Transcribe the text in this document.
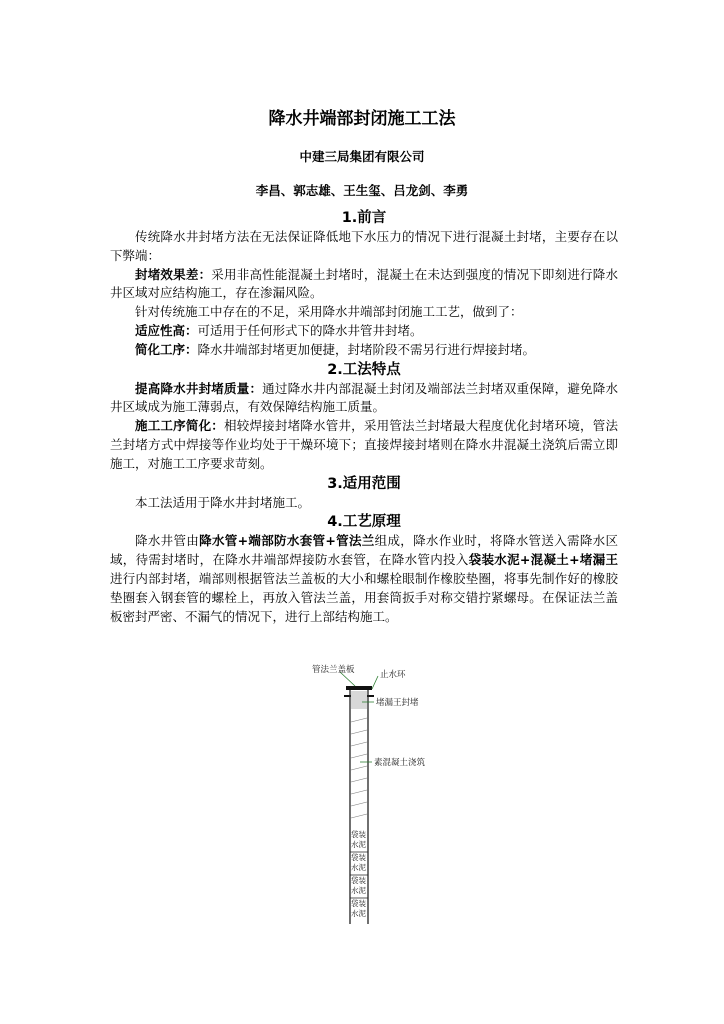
降水井端部封闭施工工法
中建三局集团有限公司
李昌、郭志雄、王生玺、吕龙剑、李勇

1.前言

传统降水井封堵方法在无法保证降低地下水压力的情况下进行混凝土封堵，主要存在以下弊端：

封堵效果差：采用非高性能混凝土封堵时，混凝土在未达到强度的情况下即刻进行降水井区域对应结构施工，存在渗漏风险。

针对传统施工中存在的不足，采用降水井端部封闭施工工艺，做到了：

适应性高：可适用于任何形式下的降水井管井封堵。

简化工序：降水井端部封堵更加便捷，封堵阶段不需另行进行焊接封堵。

2.工法特点

提高降水井封堵质量：通过降水井内部混凝土封闭及端部法兰封堵双重保障，避免降水井区域成为施工薄弱点，有效保障结构施工质量。

施工工序简化：相较焊接封堵降水管井，采用管法兰封堵最大程度优化封堵环境，管法兰封堵方式中焊接等作业均处于干燥环境下；直接焊接封堵则在降水井混凝土浇筑后需立即施工，对施工工序要求苛刻。

3.适用范围

本工法适用于降水井封堵施工。

4.工艺原理

降水井管由降水管+端部防水套管+管法兰组成，降水作业时，将降水管送入需降水区域，待需封堵时，在降水井端部焊接防水套管，在降水管内投入袋装水泥+混凝土+堵漏王进行内部封堵，端部则根据管法兰盖板的大小和螺栓眼制作橡胶垫圈，将事先制作好的橡胶垫圈套入钢套管的螺栓上，再放入管法兰盖，用套筒扳手对称交错拧紧螺母。在保证法兰盖板密封严密、不漏气的情况下，进行上部结构施工。

管法兰盖板	止水环
堵漏王封堵
素混凝土浇筑
袋装
水泥
袋装
水泥
袋装
水泥
袋装
水泥
